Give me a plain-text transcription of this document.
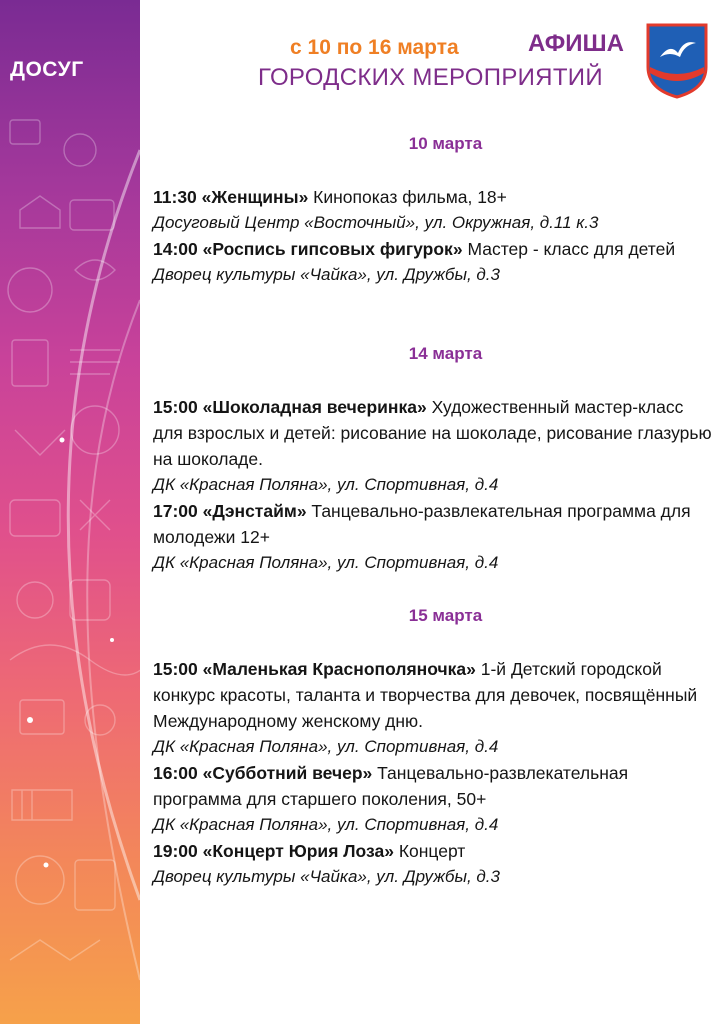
ДОСУГ
с 10 по 16 марта	АФИША
ГОРОДСКИХ МЕРОПРИЯТИЙ
10 марта

11:30 «Женщины» Кинопоказ фильма, 18+

Досуговый Центр «Восточный», ул. Окружная, д.11 к.3

14:00 «Роспись гипсовых фигурок» Мастер - класс для детей

Дворец культуры «Чайка», ул. Дружбы, д.3

14 марта

15:00 «Шоколадная вечеринка» Художественный мастер-класс для взрослых и детей: рисование на шоколаде, рисование глазурью на шоколаде.

ДК «Красная Поляна», ул. Спортивная, д.4

17:00 «Дэнстайм» Танцевально-развлекательная программа для молодежи 12+

ДК «Красная Поляна», ул. Спортивная, д.4

15 марта

15:00 «Маленькая Краснополяночка» 1-й Детский городской конкурс красоты, таланта и творчества для девочек, посвящённый Международному женскому дню.

ДК «Красная Поляна», ул. Спортивная, д.4

16:00 «Субботний вечер» Танцевально-развлекательная программа для старшего поколения, 50+

ДК «Красная Поляна», ул. Спортивная, д.4

19:00 «Концерт Юрия Лоза» Концерт

Дворец культуры «Чайка», ул. Дружбы, д.3
